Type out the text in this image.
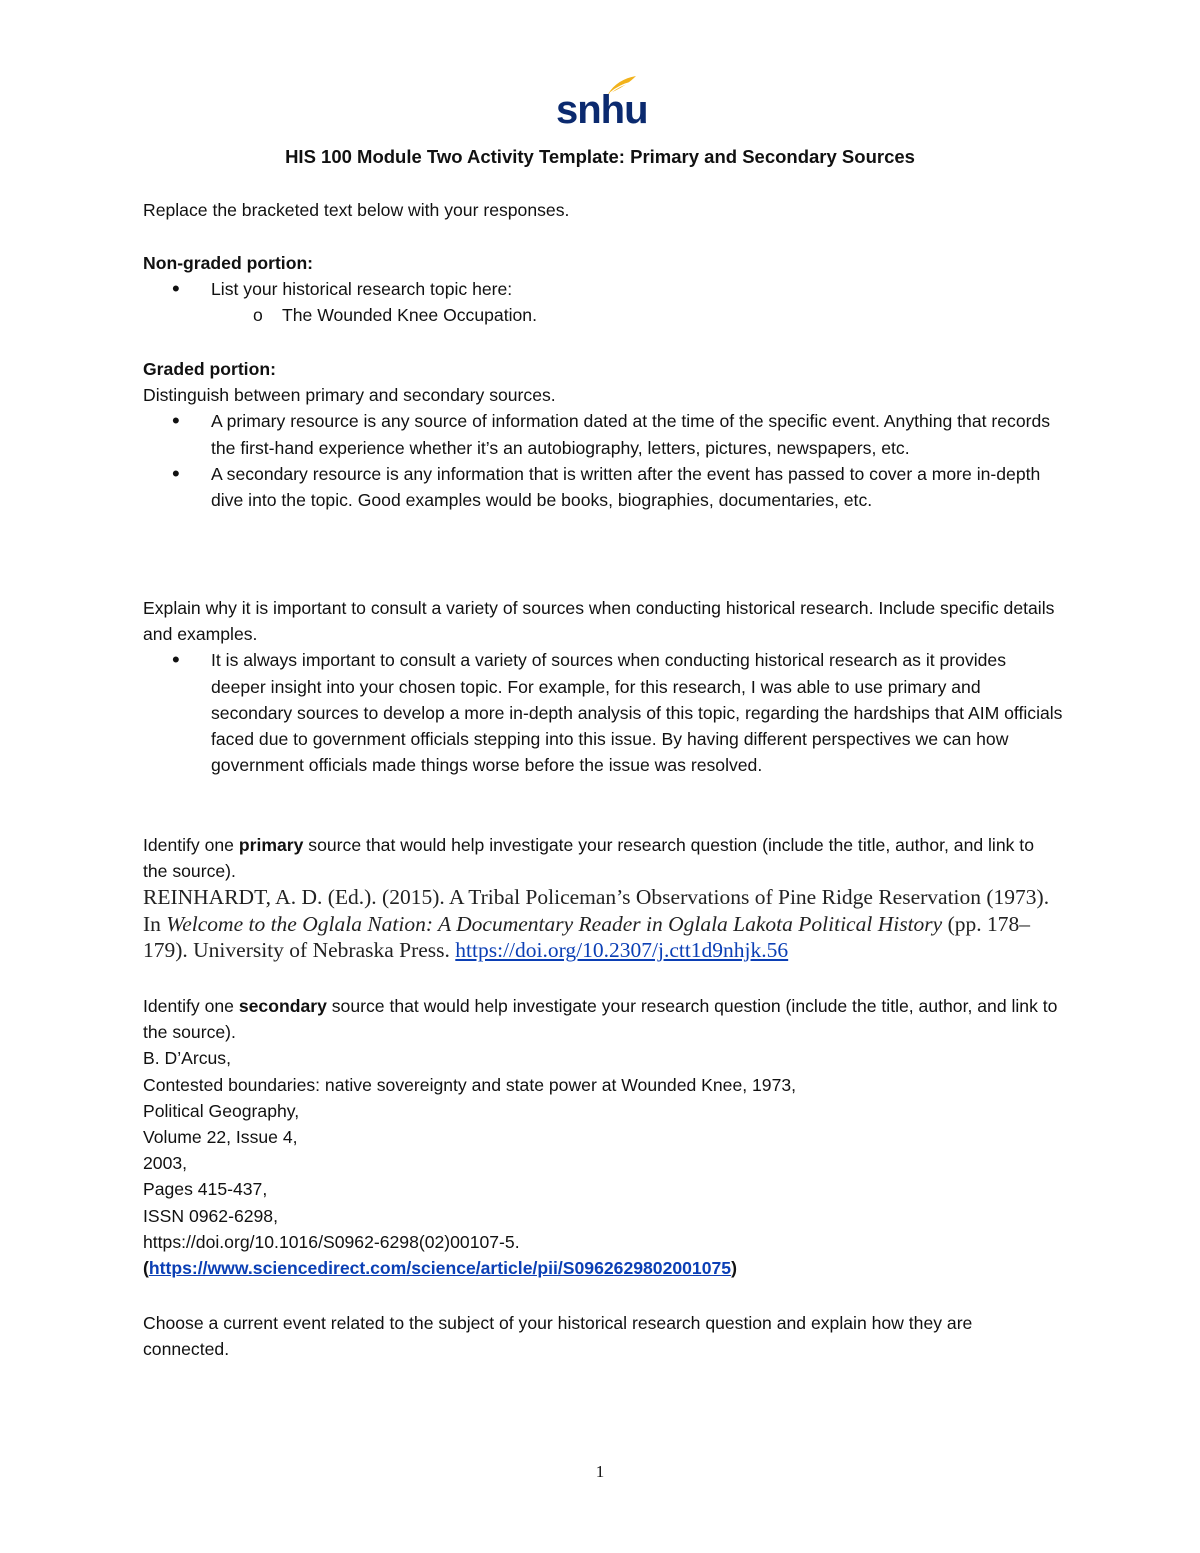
snhu
HIS 100 Module Two Activity Template: Primary and Secondary Sources
Replace the bracketed text below with your responses.
Non-graded portion:
• List your historical research topic here:
o The Wounded Knee Occupation.
Graded portion:
Distinguish between primary and secondary sources.
• A primary resource is any source of information dated at the time of the specific event. Anything that records the first-hand experience whether it’s an autobiography, letters, pictures, newspapers, etc.
• A secondary resource is any information that is written after the event has passed to cover a more in-depth dive into the topic. Good examples would be books, biographies, documentaries, etc.
Explain why it is important to consult a variety of sources when conducting historical research. Include specific details and examples.
• It is always important to consult a variety of sources when conducting historical research as it provides deeper insight into your chosen topic. For example, for this research, I was able to use primary and secondary sources to develop a more in-depth analysis of this topic, regarding the hardships that AIM officials faced due to government officials stepping into this issue. By having different perspectives we can how government officials made things worse before the issue was resolved.
Identify one primary source that would help investigate your research question (include the title, author, and link to the source).
REINHARDT, A. D. (Ed.). (2015). A Tribal Policeman’s Observations of Pine Ridge Reservation (1973). In Welcome to the Oglala Nation: A Documentary Reader in Oglala Lakota Political History (pp. 178–179). University of Nebraska Press. https://doi.org/10.2307/j.ctt1d9nhjk.56
Identify one secondary source that would help investigate your research question (include the title, author, and link to the source).
B. D’Arcus,
Contested boundaries: native sovereignty and state power at Wounded Knee, 1973,
Political Geography,
Volume 22, Issue 4,
2003,
Pages 415-437,
ISSN 0962-6298,
https://doi.org/10.1016/S0962-6298(02)00107-5.
(https://www.sciencedirect.com/science/article/pii/S0962629802001075)
Choose a current event related to the subject of your historical research question and explain how they are connected.
1
